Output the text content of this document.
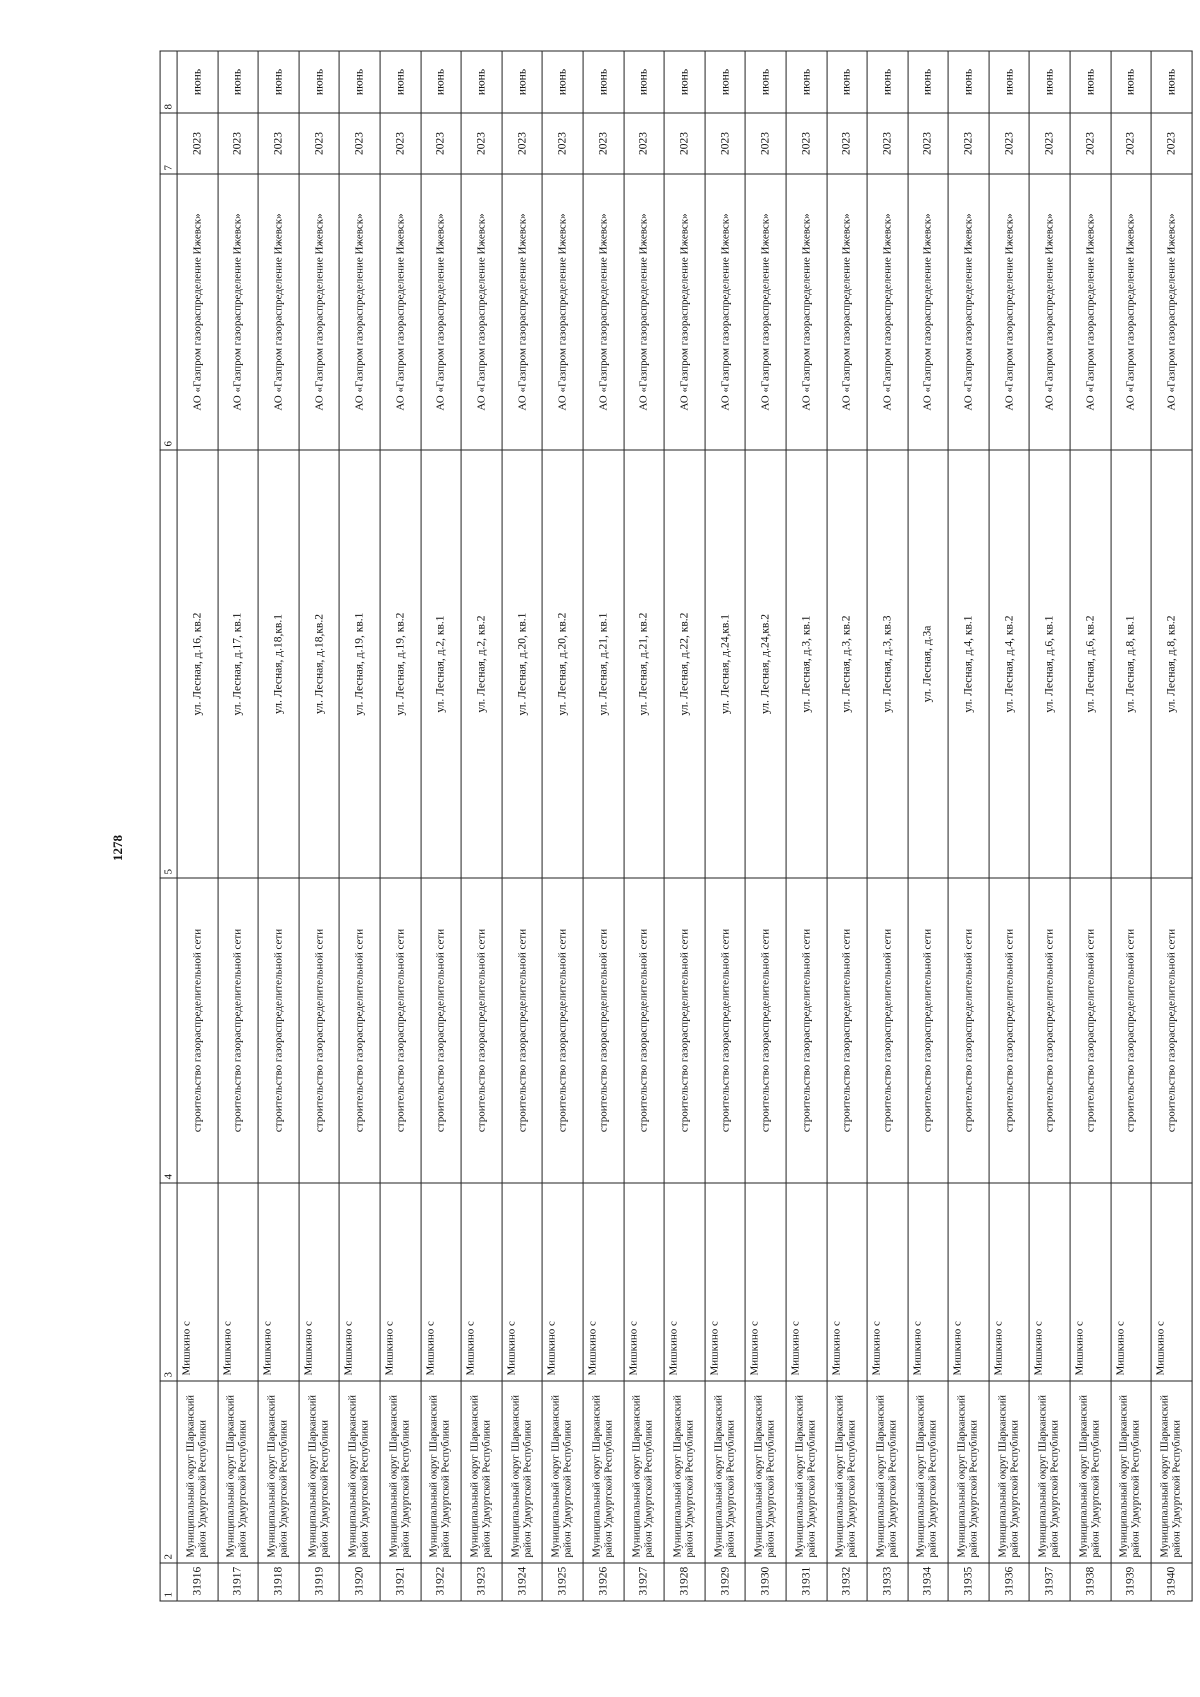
1278
1	2	3	4	5	6	7	8
31916	Муниципальный округ Шарканский район Удмуртской Республики	Мишкино с	строительство газораспределительной сети	ул. Лесная, д.16, кв.2	АО «Газпром газораспределение Ижевск»	2023	июнь
31917	Муниципальный округ Шарканский район Удмуртской Республики	Мишкино с	строительство газораспределительной сети	ул. Лесная, д.17, кв.1	АО «Газпром газораспределение Ижевск»	2023	июнь
31918	Муниципальный округ Шарканский район Удмуртской Республики	Мишкино с	строительство газораспределительной сети	ул. Лесная, д.18,кв.1	АО «Газпром газораспределение Ижевск»	2023	июнь
31919	Муниципальный округ Шарканский район Удмуртской Республики	Мишкино с	строительство газораспределительной сети	ул. Лесная, д.18,кв.2	АО «Газпром газораспределение Ижевск»	2023	июнь
31920	Муниципальный округ Шарканский район Удмуртской Республики	Мишкино с	строительство газораспределительной сети	ул. Лесная, д.19, кв.1	АО «Газпром газораспределение Ижевск»	2023	июнь
31921	Муниципальный округ Шарканский район Удмуртской Республики	Мишкино с	строительство газораспределительной сети	ул. Лесная, д.19, кв.2	АО «Газпром газораспределение Ижевск»	2023	июнь
31922	Муниципальный округ Шарканский район Удмуртской Республики	Мишкино с	строительство газораспределительной сети	ул. Лесная, д.2, кв.1	АО «Газпром газораспределение Ижевск»	2023	июнь
31923	Муниципальный округ Шарканский район Удмуртской Республики	Мишкино с	строительство газораспределительной сети	ул. Лесная, д.2, кв.2	АО «Газпром газораспределение Ижевск»	2023	июнь
31924	Муниципальный округ Шарканский район Удмуртской Республики	Мишкино с	строительство газораспределительной сети	ул. Лесная, д.20, кв.1	АО «Газпром газораспределение Ижевск»	2023	июнь
31925	Муниципальный округ Шарканский район Удмуртской Республики	Мишкино с	строительство газораспределительной сети	ул. Лесная, д.20, кв.2	АО «Газпром газораспределение Ижевск»	2023	июнь
31926	Муниципальный округ Шарканский район Удмуртской Республики	Мишкино с	строительство газораспределительной сети	ул. Лесная, д.21, кв.1	АО «Газпром газораспределение Ижевск»	2023	июнь
31927	Муниципальный округ Шарканский район Удмуртской Республики	Мишкино с	строительство газораспределительной сети	ул. Лесная, д.21, кв.2	АО «Газпром газораспределение Ижевск»	2023	июнь
31928	Муниципальный округ Шарканский район Удмуртской Республики	Мишкино с	строительство газораспределительной сети	ул. Лесная, д.22, кв.2	АО «Газпром газораспределение Ижевск»	2023	июнь
31929	Муниципальный округ Шарканский район Удмуртской Республики	Мишкино с	строительство газораспределительной сети	ул. Лесная, д.24,кв.1	АО «Газпром газораспределение Ижевск»	2023	июнь
31930	Муниципальный округ Шарканский район Удмуртской Республики	Мишкино с	строительство газораспределительной сети	ул. Лесная, д.24,кв.2	АО «Газпром газораспределение Ижевск»	2023	июнь
31931	Муниципальный округ Шарканский район Удмуртской Республики	Мишкино с	строительство газораспределительной сети	ул. Лесная, д.3, кв.1	АО «Газпром газораспределение Ижевск»	2023	июнь
31932	Муниципальный округ Шарканский район Удмуртской Республики	Мишкино с	строительство газораспределительной сети	ул. Лесная, д.3, кв.2	АО «Газпром газораспределение Ижевск»	2023	июнь
31933	Муниципальный округ Шарканский район Удмуртской Республики	Мишкино с	строительство газораспределительной сети	ул. Лесная, д.3, кв.3	АО «Газпром газораспределение Ижевск»	2023	июнь
31934	Муниципальный округ Шарканский район Удмуртской Республики	Мишкино с	строительство газораспределительной сети	ул. Лесная, д.3а	АО «Газпром газораспределение Ижевск»	2023	июнь
31935	Муниципальный округ Шарканский район Удмуртской Республики	Мишкино с	строительство газораспределительной сети	ул. Лесная, д.4, кв.1	АО «Газпром газораспределение Ижевск»	2023	июнь
31936	Муниципальный округ Шарканский район Удмуртской Республики	Мишкино с	строительство газораспределительной сети	ул. Лесная, д.4, кв.2	АО «Газпром газораспределение Ижевск»	2023	июнь
31937	Муниципальный округ Шарканский район Удмуртской Республики	Мишкино с	строительство газораспределительной сети	ул. Лесная, д.6, кв.1	АО «Газпром газораспределение Ижевск»	2023	июнь
31938	Муниципальный округ Шарканский район Удмуртской Республики	Мишкино с	строительство газораспределительной сети	ул. Лесная, д.6, кв.2	АО «Газпром газораспределение Ижевск»	2023	июнь
31939	Муниципальный округ Шарканский район Удмуртской Республики	Мишкино с	строительство газораспределительной сети	ул. Лесная, д.8, кв.1	АО «Газпром газораспределение Ижевск»	2023	июнь
31940	Муниципальный округ Шарканский район Удмуртской Республики	Мишкино с	строительство газораспределительной сети	ул. Лесная, д.8, кв.2	АО «Газпром газораспределение Ижевск»	2023	июнь
